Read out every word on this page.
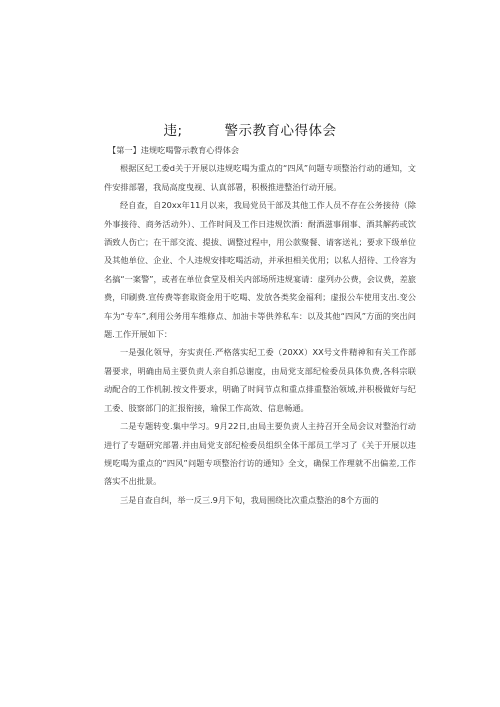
违;	警示教育心得体会

【第一】违规吃喝警示教育心得体会

根据区纪工委d关于开展以违规吃喝为重点的“四风”问题专项整治行动的通知，文件安排部署，我局高度曳视、认真部署，积极推进整治行动开展。

经自查，自20xx年11月以来，我局党员干部及其他工作人员不存在公务接待（除外事接待、商务活动外）、工作时间及工作日违规饮酒：酎酒滋事闹事、酒其解药或饮酒致人伤亡；在干部交流、提拔、调整过程中，用公款聚餐、请客送礼；要求下级单位及其他单位、企业、个人违规安排吃喝活动，并承担相关优用；以私人招待、工伶容为名搞“一案警”，或者在单位食堂及相关内部场所违规宴请：虚列办公费，会议费，差旅费，印刷费.宣传费等套取资金用于吃喝、发放各类奖金福利；虚报公车使用支出.变公车为“专车”,利用公务用车维修点、加油卡等供养私车：以及其他“四风”方面的突出问题.工作开展如下：

一是强化领导，夯实责任.严格落实纪工委（20XX）XX号文件精神和有关工作部署要求，明确由局主要负责人亲自抓总谢度，由局党支部纪检委员具体负费,各科宗联动配合的工作机制.按文件要求，明确了时间节点和重点排重整治领域,并积极做好与纪工委、肢察部门的汇报衔接，瑜保工作高效、信息畅通。

二是专题转变.集中学习。9月22日,由局主要负责人主持召开全局会议对整治行动进行了专题研究部署.并由局党支部纪检委员组织全体干部员工学习了《关于开展以违规吃喝为重点的“四风”问题专项整治行访的通知》全文，确保工作理就不出偏差,工作落实不出批景。

三是自查自纠，举一反三.9月下旬，我局围绕比次重点整治的8个方面的
